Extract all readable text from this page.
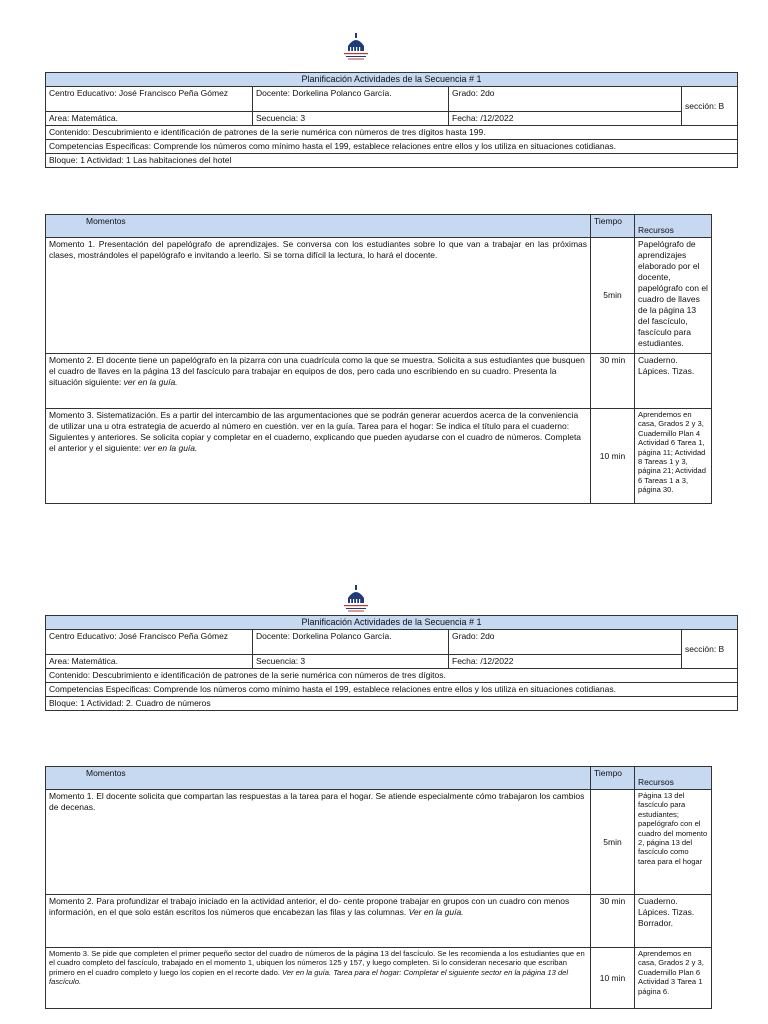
Planificación Actividades de la Secuencia # 1			
Centro Educativo: José Francisco Peña Gómez	Docente: Dorkelina Polanco García.	Grado: 2do	sección: B
Area: Matemática.	Secuencia: 3	Fecha: /12/2022	
Contenido: Descubrimiento e identificación de patrones de la serie numérica con números de tres dígitos hasta 199.			
Competencias Especificas: Comprende los números como mínimo hasta el 199, establece relaciones entre ellos y los utiliza en situaciones cotidianas.			
Bloque: 1 Actividad: 1 Las habitaciones del hotel			
Momentos	Tiempo	Recursos
Momento 1. Presentación del papelógrafo de aprendizajes. Se conversa con los estudiantes sobre lo que van a trabajar en las próximas clases, mostrándoles el papelógrafo e invitando a leerlo. Si se torna difícil la lectura, lo hará el docente.	5min	Papelógrafo de aprendizajes elaborado por el docente, papelógrafo con el cuadro de llaves de la página 13 del fascículo, fascículo para estudiantes.
Momento 2. El docente tiene un papelógrafo en la pizarra con una cuadrícula como la que se muestra. Solicita a sus estudiantes que busquen el cuadro de llaves en la página 13 del fascículo para trabajar en equipos de dos, pero cada uno escribiendo en su cuadro. Presenta la situación siguiente: ver en la guía.	30 min	Cuaderno. Lápices. Tizas.
Momento 3. Sistematización. Es a partir del intercambio de las argumentaciones que se podrán generar acuerdos acerca de la conveniencia de utilizar una u otra estrategia de acuerdo al número en cuestión. ver en la guía. Tarea para el hogar: Se indica el título para el cuaderno: Siguientes y anteriores. Se solicita copiar y completar en el cuaderno, explicando que pueden ayudarse con el cuadro de números. Completa el anterior y el siguiente: ver en la guía.	10 min	Aprendemos en casa, Grados 2 y 3, Cuadernillo Plan 4 Actividad 6 Tarea 1, página 11; Actividad 8 Tareas 1 y 3, página 21; Actividad 6 Tareas 1 a 3, página 30.
Planificación Actividades de la Secuencia # 1			
Centro Educativo: José Francisco Peña Gómez	Docente: Dorkelina Polanco García.	Grado: 2do	sección: B
Area: Matemática.	Secuencia: 3	Fecha: /12/2022	
Contenido: Descubrimiento e identificación de patrones de la serie numérica con números de tres dígitos.			
Competencias Especificas: Comprende los números como mínimo hasta el 199, establece relaciones entre ellos y los utiliza en situaciones cotidianas.			
Bloque: 1 Actividad: 2. Cuadro de números			
Momentos	Tiempo	Recursos
Momento 1. El docente solicita que compartan las respuestas a la tarea para el hogar. Se atiende especialmente cómo trabajaron los cambios de decenas.	5min	Página 13 del fascículo para estudiantes; papelógrafo con el cuadro del momento 2, página 13 del fascículo como tarea para el hogar
Momento 2. Para profundizar el trabajo iniciado en la actividad anterior, el do- cente propone trabajar en grupos con un cuadro con menos información, en el que solo están escritos los números que encabezan las filas y las columnas. Ver en la guía.	30 min	Cuaderno. Lápices. Tizas. Borrador.
Momento 3. Se pide que completen el primer pequeño sector del cuadro de números de la página 13 del fascículo. Se les recomienda a los estudiantes que en el cuadro completo del fascículo, trabajado en el momento 1, ubiquen los números 125 y 157, y luego completen. Si lo consideran necesario que escriban primero en el cuadro completo y luego los copien en el recorte dado. Ver en la guía. Tarea para el hogar: Completar el siguiente sector en la página 13 del fascículo.	10 min	Aprendemos en casa, Grados 2 y 3, Cuadernillo Plan 6 Actividad 3 Tarea 1 página 6.
